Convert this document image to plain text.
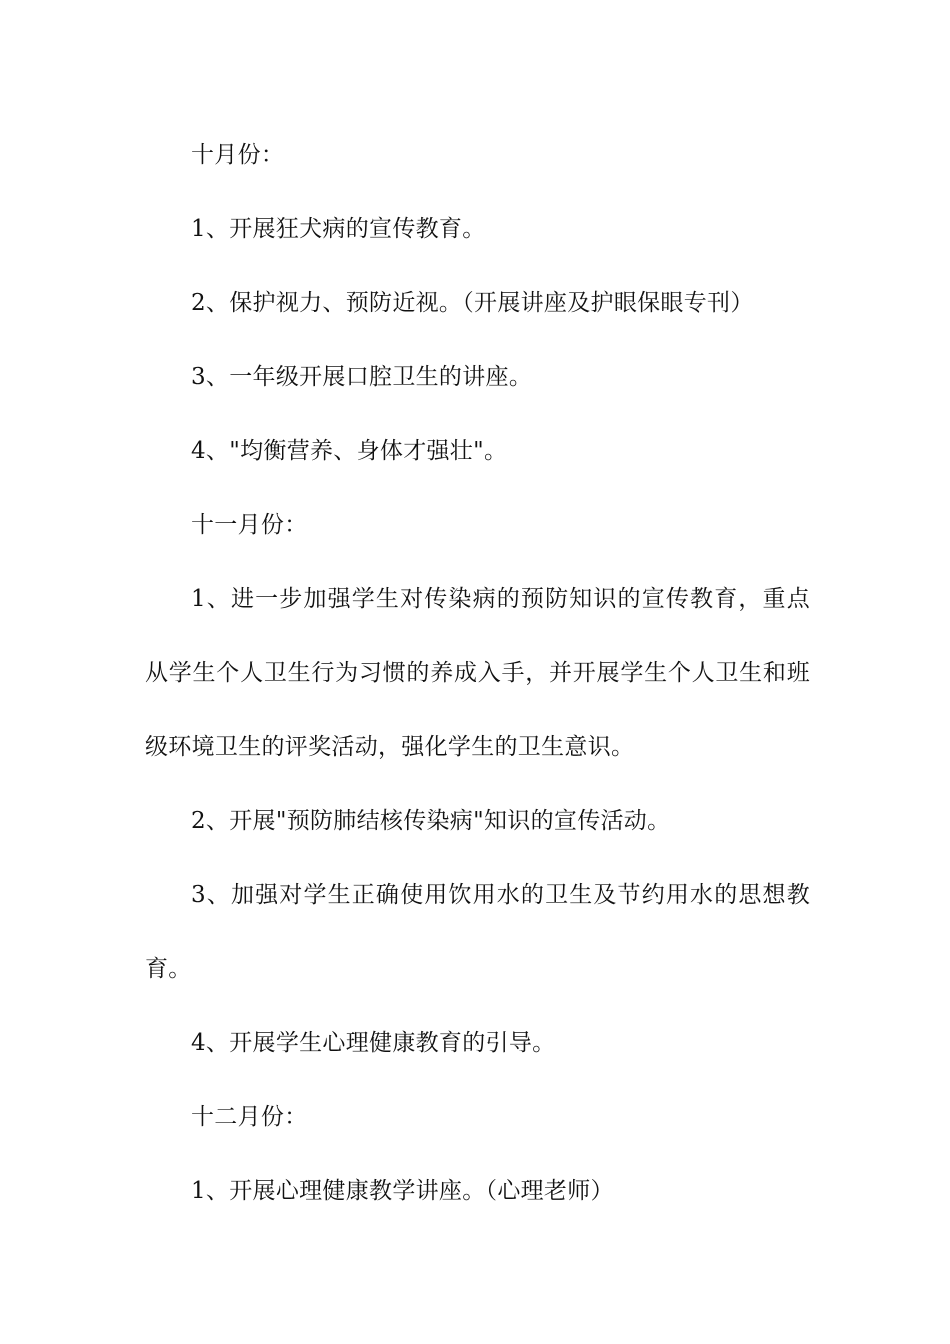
十月份：

1、开展狂犬病的宣传教育。

2、保护视力、预防近视。（开展讲座及护眼保眼专刊）

3、一年级开展口腔卫生的讲座。

4、"均衡营养、身体才强壮"。

十一月份：

1、进一步加强学生对传染病的预防知识的宣传教育，重点从学生个人卫生行为习惯的养成入手，并开展学生个人卫生和班级环境卫生的评奖活动，强化学生的卫生意识。

2、开展"预防肺结核传染病"知识的宣传活动。

3、加强对学生正确使用饮用水的卫生及节约用水的思想教育。

4、开展学生心理健康教育的引导。

十二月份：

1、开展心理健康教学讲座。（心理老师）
